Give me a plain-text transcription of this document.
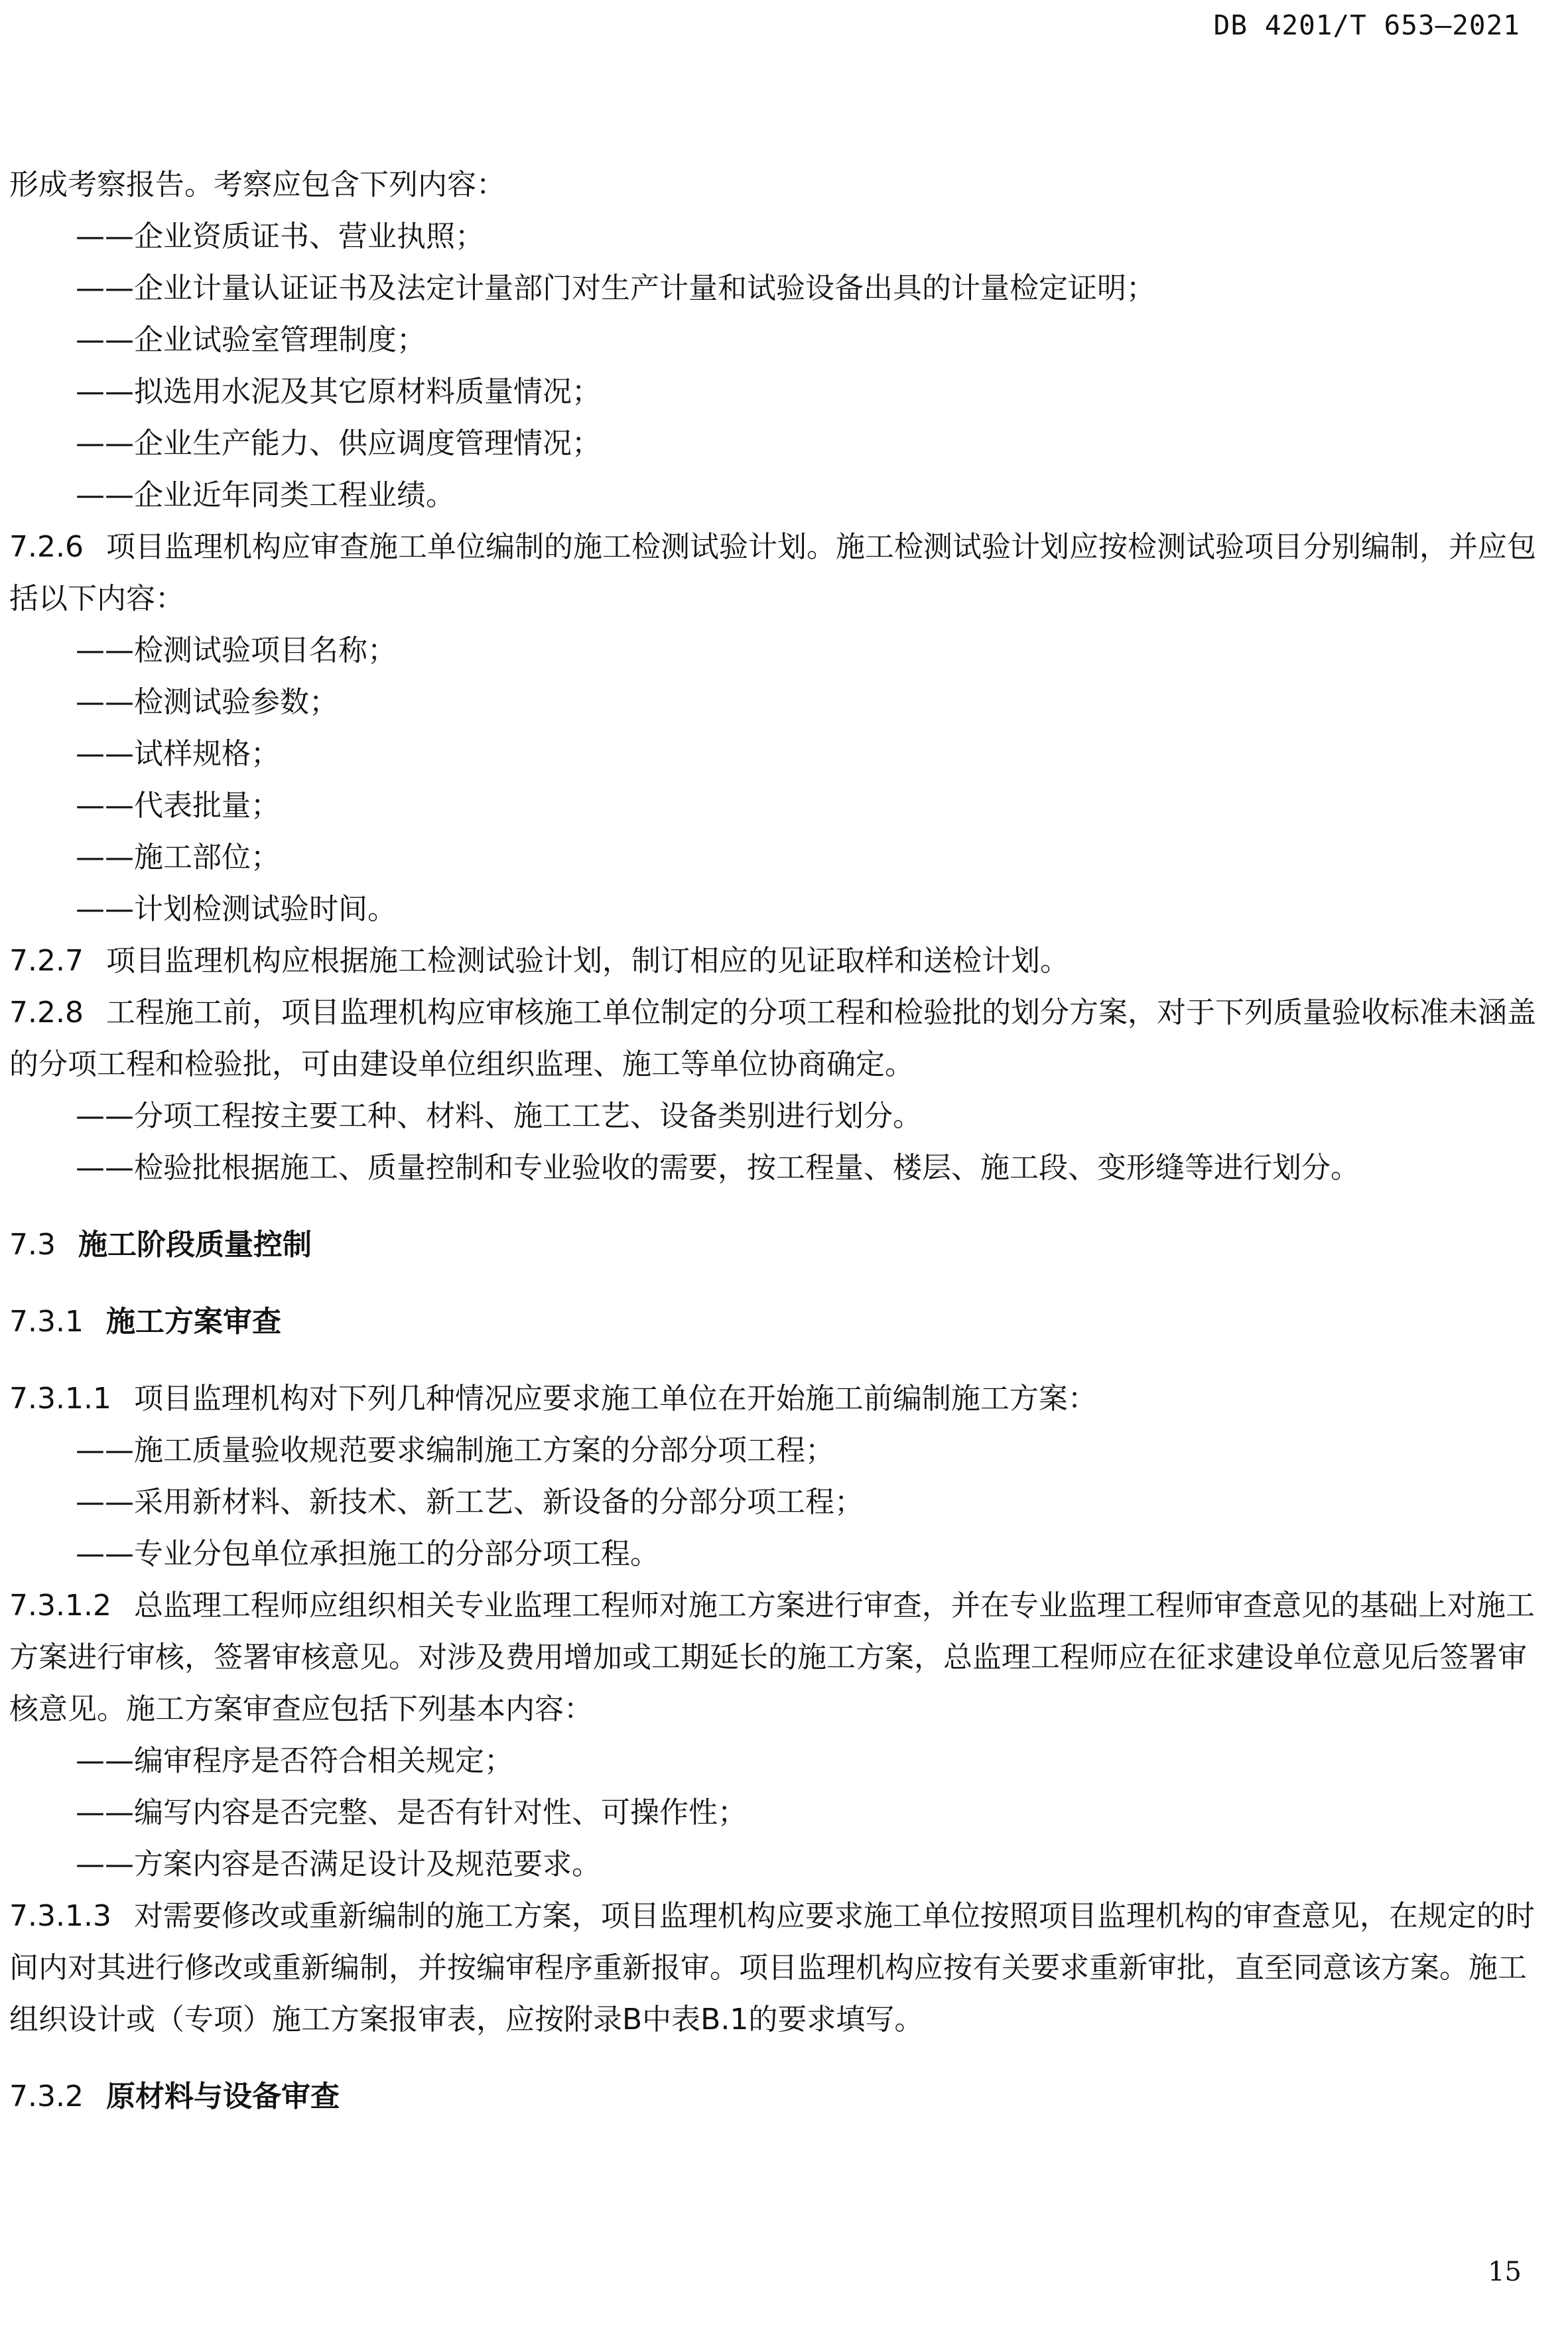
DB 4201/T 653—2021
形成考察报告。考察应包含下列内容：
——企业资质证书、营业执照；
——企业计量认证证书及法定计量部门对生产计量和试验设备出具的计量检定证明；
——企业试验室管理制度；
——拟选用水泥及其它原材料质量情况；
——企业生产能力、供应调度管理情况；
——企业近年同类工程业绩。
7.2.6 项目监理机构应审查施工单位编制的施工检测试验计划。施工检测试验计划应按检测试验项目分别编制，并应包括以下内容：
——检测试验项目名称；
——检测试验参数；
——试样规格；
——代表批量；
——施工部位；
——计划检测试验时间。
7.2.7 项目监理机构应根据施工检测试验计划，制订相应的见证取样和送检计划。
7.2.8 工程施工前，项目监理机构应审核施工单位制定的分项工程和检验批的划分方案，对于下列质量验收标准未涵盖的分项工程和检验批，可由建设单位组织监理、施工等单位协商确定。
——分项工程按主要工种、材料、施工工艺、设备类别进行划分。
——检验批根据施工、质量控制和专业验收的需要，按工程量、楼层、施工段、变形缝等进行划分。
7.3 施工阶段质量控制
7.3.1 施工方案审查
7.3.1.1 项目监理机构对下列几种情况应要求施工单位在开始施工前编制施工方案：
——施工质量验收规范要求编制施工方案的分部分项工程；
——采用新材料、新技术、新工艺、新设备的分部分项工程；
——专业分包单位承担施工的分部分项工程。
7.3.1.2 总监理工程师应组织相关专业监理工程师对施工方案进行审查，并在专业监理工程师审查意见的基础上对施工方案进行审核，签署审核意见。对涉及费用增加或工期延长的施工方案，总监理工程师应在征求建设单位意见后签署审核意见。施工方案审查应包括下列基本内容：
——编审程序是否符合相关规定；
——编写内容是否完整、是否有针对性、可操作性；
——方案内容是否满足设计及规范要求。
7.3.1.3 对需要修改或重新编制的施工方案，项目监理机构应要求施工单位按照项目监理机构的审查意见，在规定的时间内对其进行修改或重新编制，并按编审程序重新报审。项目监理机构应按有关要求重新审批，直至同意该方案。施工组织设计或（专项）施工方案报审表，应按附录B中表B.1的要求填写。
7.3.2 原材料与设备审查
15
